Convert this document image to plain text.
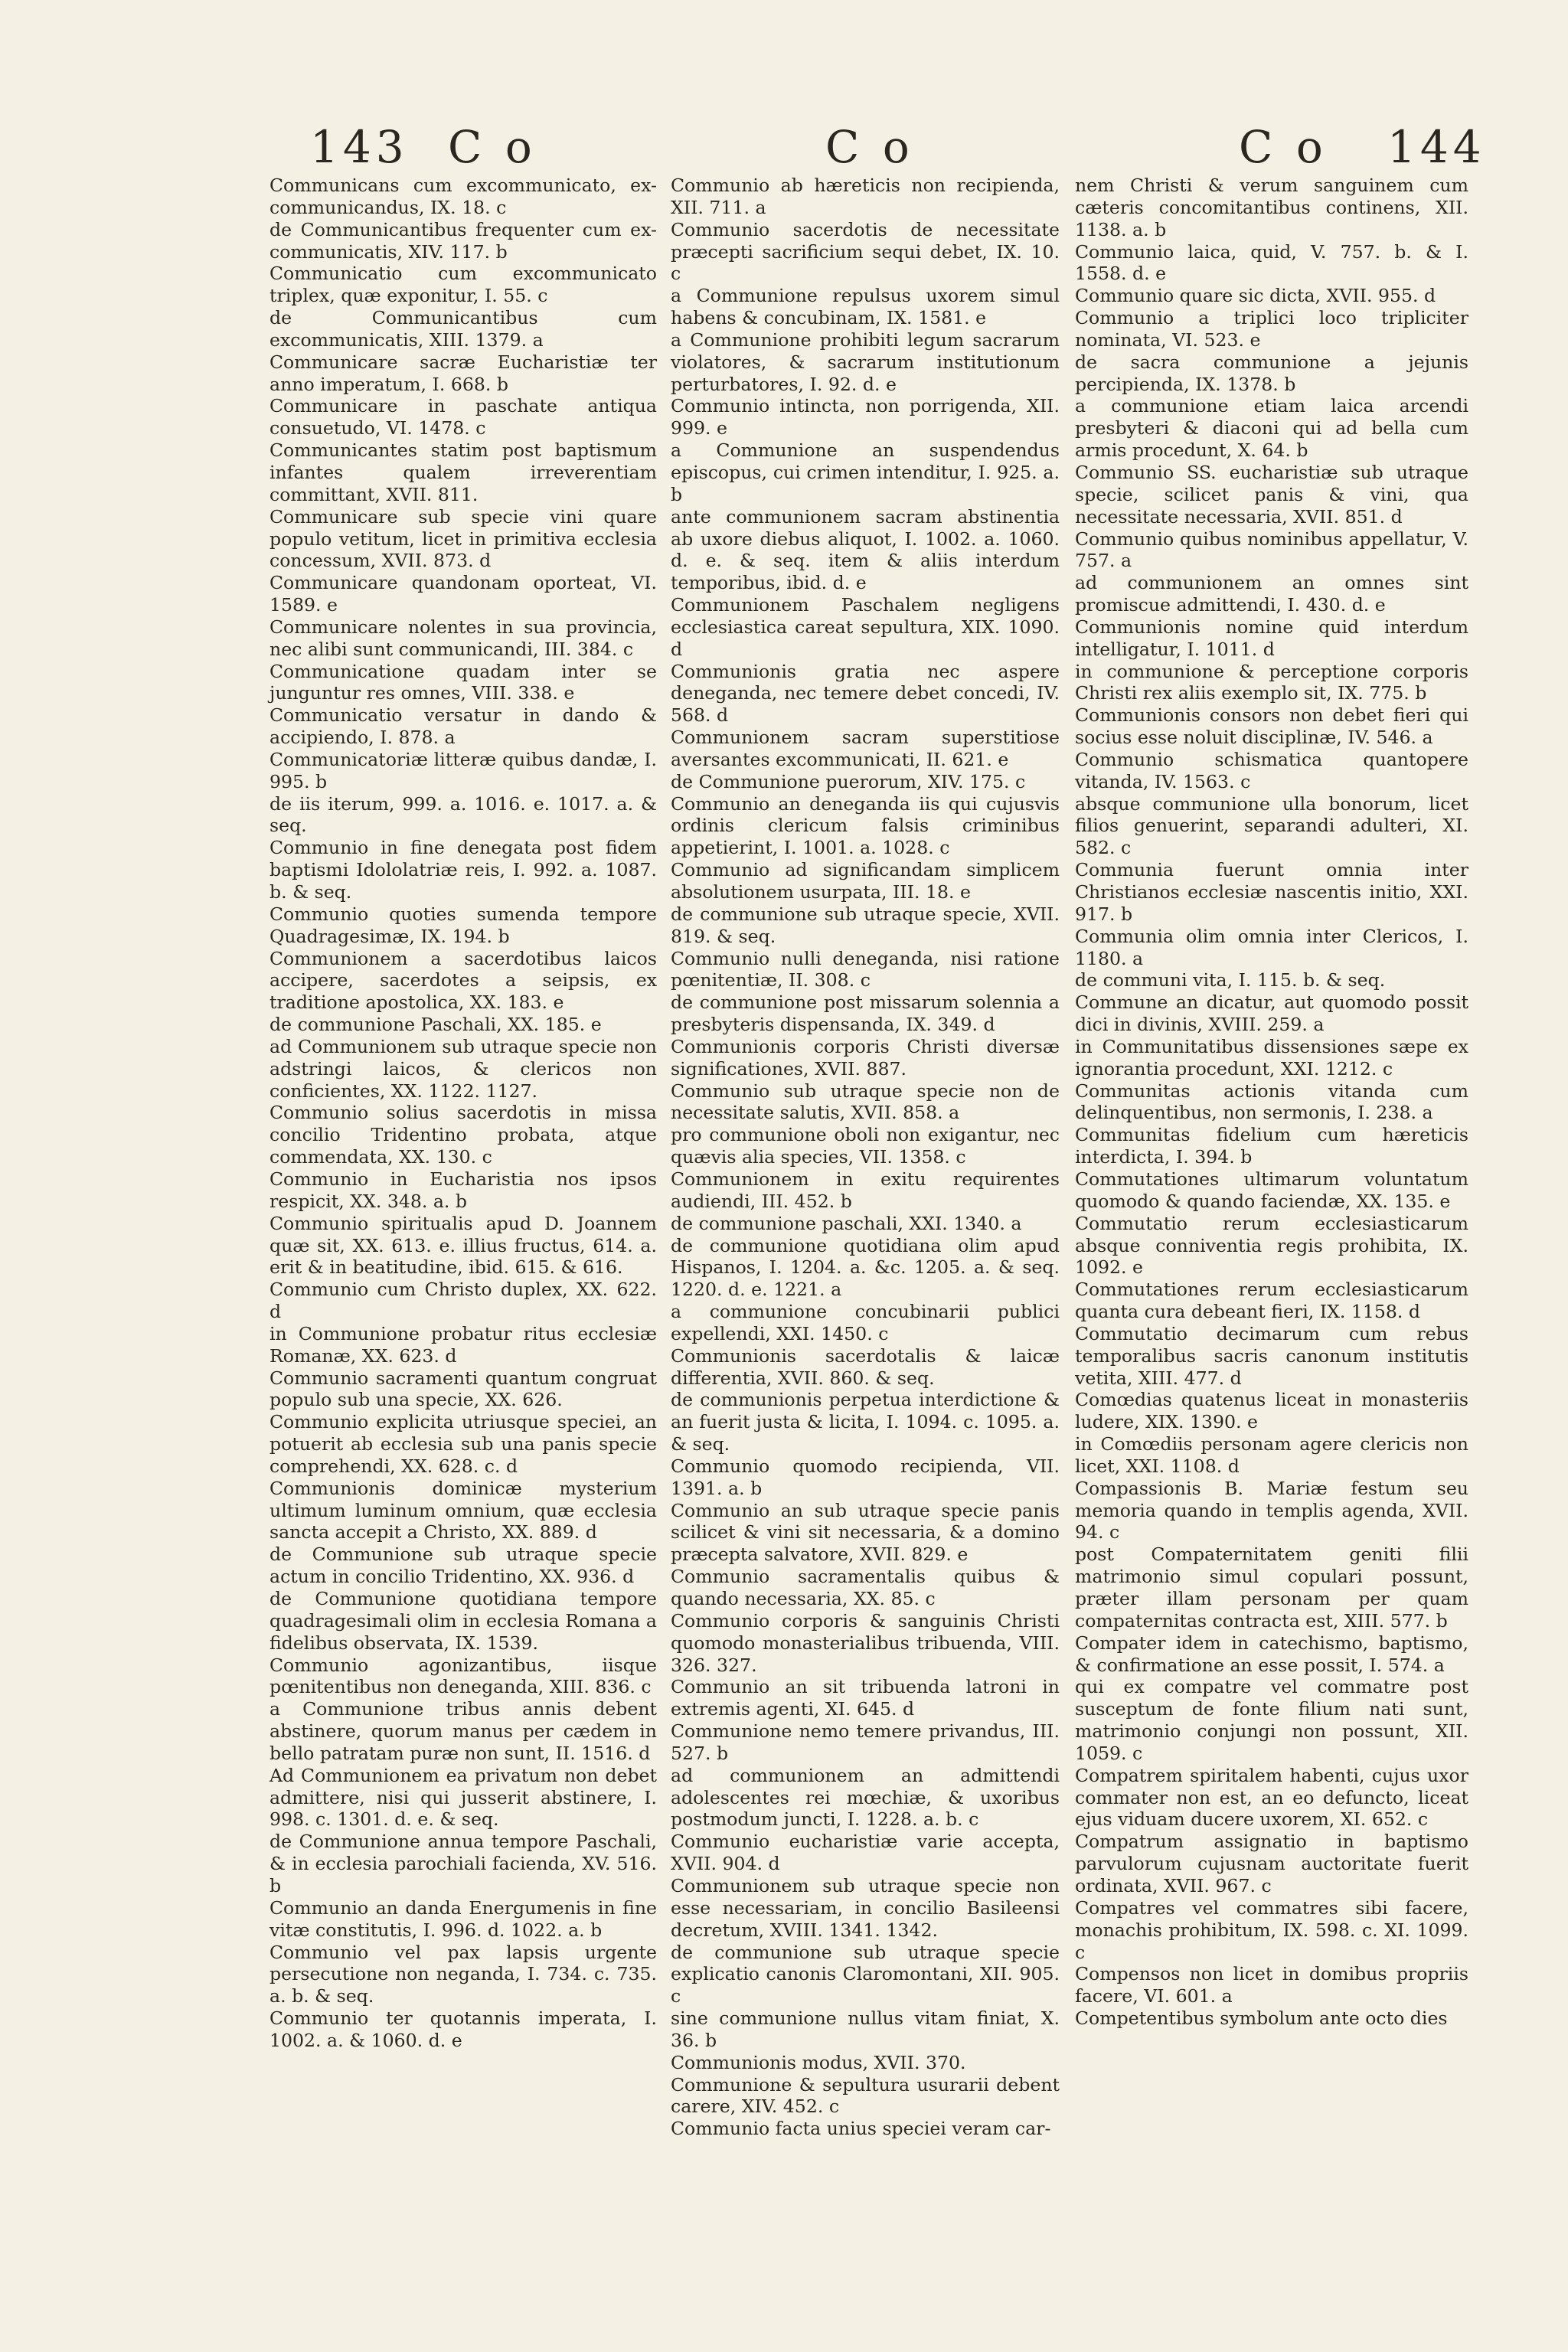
143 C o	C o	C o 144

Communicans cum excommunicato, ex-communicandus, IX. 18. c

de Communicantibus frequenter cum ex-communicatis, XIV. 117. b

Communicatio cum excommunicato triplex, quæ exponitur, I. 55. c

de Communicantibus cum excommunicatis, XIII. 1379. a

Communicare sacræ Eucharistiæ ter anno imperatum, I. 668. b

Communicare in paschate antiqua consuetudo, VI. 1478. c

Communicantes statim post baptismum infantes qualem irreverentiam committant, XVII. 811.

Communicare sub specie vini quare populo vetitum, licet in primitiva ecclesia concessum, XVII. 873. d

Communicare quandonam oporteat, VI. 1589. e

Communicare nolentes in sua provincia, nec alibi sunt communicandi, III. 384. c

Communicatione quadam inter se junguntur res omnes, VIII. 338. e

Communicatio versatur in dando & accipiendo, I. 878. a

Communicatoriæ litteræ quibus dandæ, I. 995. b

de iis iterum, 999. a. 1016. e. 1017. a. & seq.

Communio in fine denegata post fidem baptismi Idololatriæ reis, I. 992. a. 1087. b. & seq.

Communio quoties sumenda tempore Quadragesimæ, IX. 194. b

Communionem a sacerdotibus laicos accipere, sacerdotes a seipsis, ex traditione apostolica, XX. 183. e

de communione Paschali, XX. 185. e

ad Communionem sub utraque specie non adstringi laicos, & clericos non conficientes, XX. 1122. 1127.

Communio solius sacerdotis in missa concilio Tridentino probata, atque commendata, XX. 130. c

Communio in Eucharistia nos ipsos respicit, XX. 348. a. b

Communio spiritualis apud D. Joannem quæ sit, XX. 613. e. illius fructus, 614. a. erit & in beatitudine, ibid. 615. & 616.

Communio cum Christo duplex, XX. 622. d

in Communione probatur ritus ecclesiæ Romanæ, XX. 623. d

Communio sacramenti quantum congruat populo sub una specie, XX. 626.

Communio explicita utriusque speciei, an potuerit ab ecclesia sub una panis specie comprehendi, XX. 628. c. d

Communionis dominicæ mysterium ultimum luminum omnium, quæ ecclesia sancta accepit a Christo, XX. 889. d

de Communione sub utraque specie actum in concilio Tridentino, XX. 936. d

de Communione quotidiana tempore quadragesimali olim in ecclesia Romana a fidelibus observata, IX. 1539.

Communio agonizantibus, iisque pœnitentibus non deneganda, XIII. 836. c

a Communione tribus annis debent abstinere, quorum manus per cædem in bello patratam puræ non sunt, II. 1516. d

Ad Communionem ea privatum non debet admittere, nisi qui jusserit abstinere, I. 998. c. 1301. d. e. & seq.

de Communione annua tempore Paschali, & in ecclesia parochiali facienda, XV. 516. b

Communio an danda Energumenis in fine vitæ constitutis, I. 996. d. 1022. a. b

Communio vel pax lapsis urgente persecutione non neganda, I. 734. c. 735. a. b. & seq.

Communio ter quotannis imperata, I. 1002. a. & 1060. d. e

Communio ab hæreticis non recipienda, XII. 711. a

Communio sacerdotis de necessitate præcepti sacrificium sequi debet, IX. 10. c

a Communione repulsus uxorem simul habens & concubinam, IX. 1581. e

a Communione prohibiti legum sacrarum violatores, & sacrarum institutionum perturbatores, I. 92. d. e

Communio intincta, non porrigenda, XII. 999. e

a Communione an suspendendus episcopus, cui crimen intenditur, I. 925. a. b

ante communionem sacram abstinentia ab uxore diebus aliquot, I. 1002. a. 1060. d. e. & seq. item & aliis interdum temporibus, ibid. d. e

Communionem Paschalem negligens ecclesiastica careat sepultura, XIX. 1090. d

Communionis gratia nec aspere deneganda, nec temere debet concedi, IV. 568. d

Communionem sacram superstitiose aversantes excommunicati, II. 621. e

de Communione puerorum, XIV. 175. c

Communio an deneganda iis qui cujusvis ordinis clericum falsis criminibus appetierint, I. 1001. a. 1028. c

Communio ad significandam simplicem absolutionem usurpata, III. 18. e

de communione sub utraque specie, XVII. 819. & seq.

Communio nulli deneganda, nisi ratione pœnitentiæ, II. 308. c

de communione post missarum solennia a presbyteris dispensanda, IX. 349. d

Communionis corporis Christi diversæ significationes, XVII. 887.

Communio sub utraque specie non de necessitate salutis, XVII. 858. a

pro communione oboli non exigantur, nec quævis alia species, VII. 1358. c

Communionem in exitu requirentes audiendi, III. 452. b

de communione paschali, XXI. 1340. a

de communione quotidiana olim apud Hispanos, I. 1204. a. &c. 1205. a. & seq. 1220. d. e. 1221. a

a communione concubinarii publici expellendi, XXI. 1450. c

Communionis sacerdotalis & laicæ differentia, XVII. 860. & seq.

de communionis perpetua interdictione & an fuerit justa & licita, I. 1094. c. 1095. a. & seq.

Communio quomodo recipienda, VII. 1391. a. b

Communio an sub utraque specie panis scilicet & vini sit necessaria, & a domino præcepta salvatore, XVII. 829. e

Communio sacramentalis quibus & quando necessaria, XX. 85. c

Communio corporis & sanguinis Christi quomodo monasterialibus tribuenda, VIII. 326. 327.

Communio an sit tribuenda latroni in extremis agenti, XI. 645. d

Communione nemo temere privandus, III. 527. b

ad communionem an admittendi adolescentes rei mœchiæ, & uxoribus postmodum juncti, I. 1228. a. b. c

Communio eucharistiæ varie accepta, XVII. 904. d

Communionem sub utraque specie non esse necessariam, in concilio Basileensi decretum, XVIII. 1341. 1342.

de communione sub utraque specie explicatio canonis Claromontani, XII. 905. c

sine communione nullus vitam finiat, X. 36. b

Communionis modus, XVII. 370.

Communione & sepultura usurarii debent carere, XIV. 452. c

Communio facta unius speciei veram car-

nem Christi & verum sanguinem cum cæteris concomitantibus continens, XII. 1138. a. b

Communio laica, quid, V. 757. b. & I. 1558. d. e

Communio quare sic dicta, XVII. 955. d

Communio a triplici loco tripliciter nominata, VI. 523. e

de sacra communione a jejunis percipienda, IX. 1378. b

a communione etiam laica arcendi presbyteri & diaconi qui ad bella cum armis procedunt, X. 64. b

Communio SS. eucharistiæ sub utraque specie, scilicet panis & vini, qua necessitate necessaria, XVII. 851. d

Communio quibus nominibus appellatur, V. 757. a

ad communionem an omnes sint promiscue admittendi, I. 430. d. e

Communionis nomine quid interdum intelligatur, I. 1011. d

in communione & perceptione corporis Christi rex aliis exemplo sit, IX. 775. b

Communionis consors non debet fieri qui socius esse noluit disciplinæ, IV. 546. a

Communio schismatica quantopere vitanda, IV. 1563. c

absque communione ulla bonorum, licet filios genuerint, separandi adulteri, XI. 582. c

Communia fuerunt omnia inter Christianos ecclesiæ nascentis initio, XXI. 917. b

Communia olim omnia inter Clericos, I. 1180. a

de communi vita, I. 115. b. & seq.

Commune an dicatur, aut quomodo possit dici in divinis, XVIII. 259. a

in Communitatibus dissensiones sæpe ex ignorantia procedunt, XXI. 1212. c

Communitas actionis vitanda cum delinquentibus, non sermonis, I. 238. a

Communitas fidelium cum hæreticis interdicta, I. 394. b

Commutationes ultimarum voluntatum quomodo & quando faciendæ, XX. 135. e

Commutatio rerum ecclesiasticarum absque conniventia regis prohibita, IX. 1092. e

Commutationes rerum ecclesiasticarum quanta cura debeant fieri, IX. 1158. d

Commutatio decimarum cum rebus temporalibus sacris canonum institutis vetita, XIII. 477. d

Comœdias quatenus liceat in monasteriis ludere, XIX. 1390. e

in Comœdiis personam agere clericis non licet, XXI. 1108. d

Compassionis B. Mariæ festum seu memoria quando in templis agenda, XVII. 94. c

post Compaternitatem geniti filii matrimonio simul copulari possunt, præter illam personam per quam compaternitas contracta est, XIII. 577. b

Compater idem in catechismo, baptismo, & confirmatione an esse possit, I. 574. a

qui ex compatre vel commatre post susceptum de fonte filium nati sunt, matrimonio conjungi non possunt, XII. 1059. c

Compatrem spiritalem habenti, cujus uxor commater non est, an eo defuncto, liceat ejus viduam ducere uxorem, XI. 652. c

Compatrum assignatio in baptismo parvulorum cujusnam auctoritate fuerit ordinata, XVII. 967. c

Compatres vel commatres sibi facere, monachis prohibitum, IX. 598. c. XI. 1099. c

Compensos non licet in domibus propriis facere, VI. 601. a

Competentibus symbolum ante octo dies
